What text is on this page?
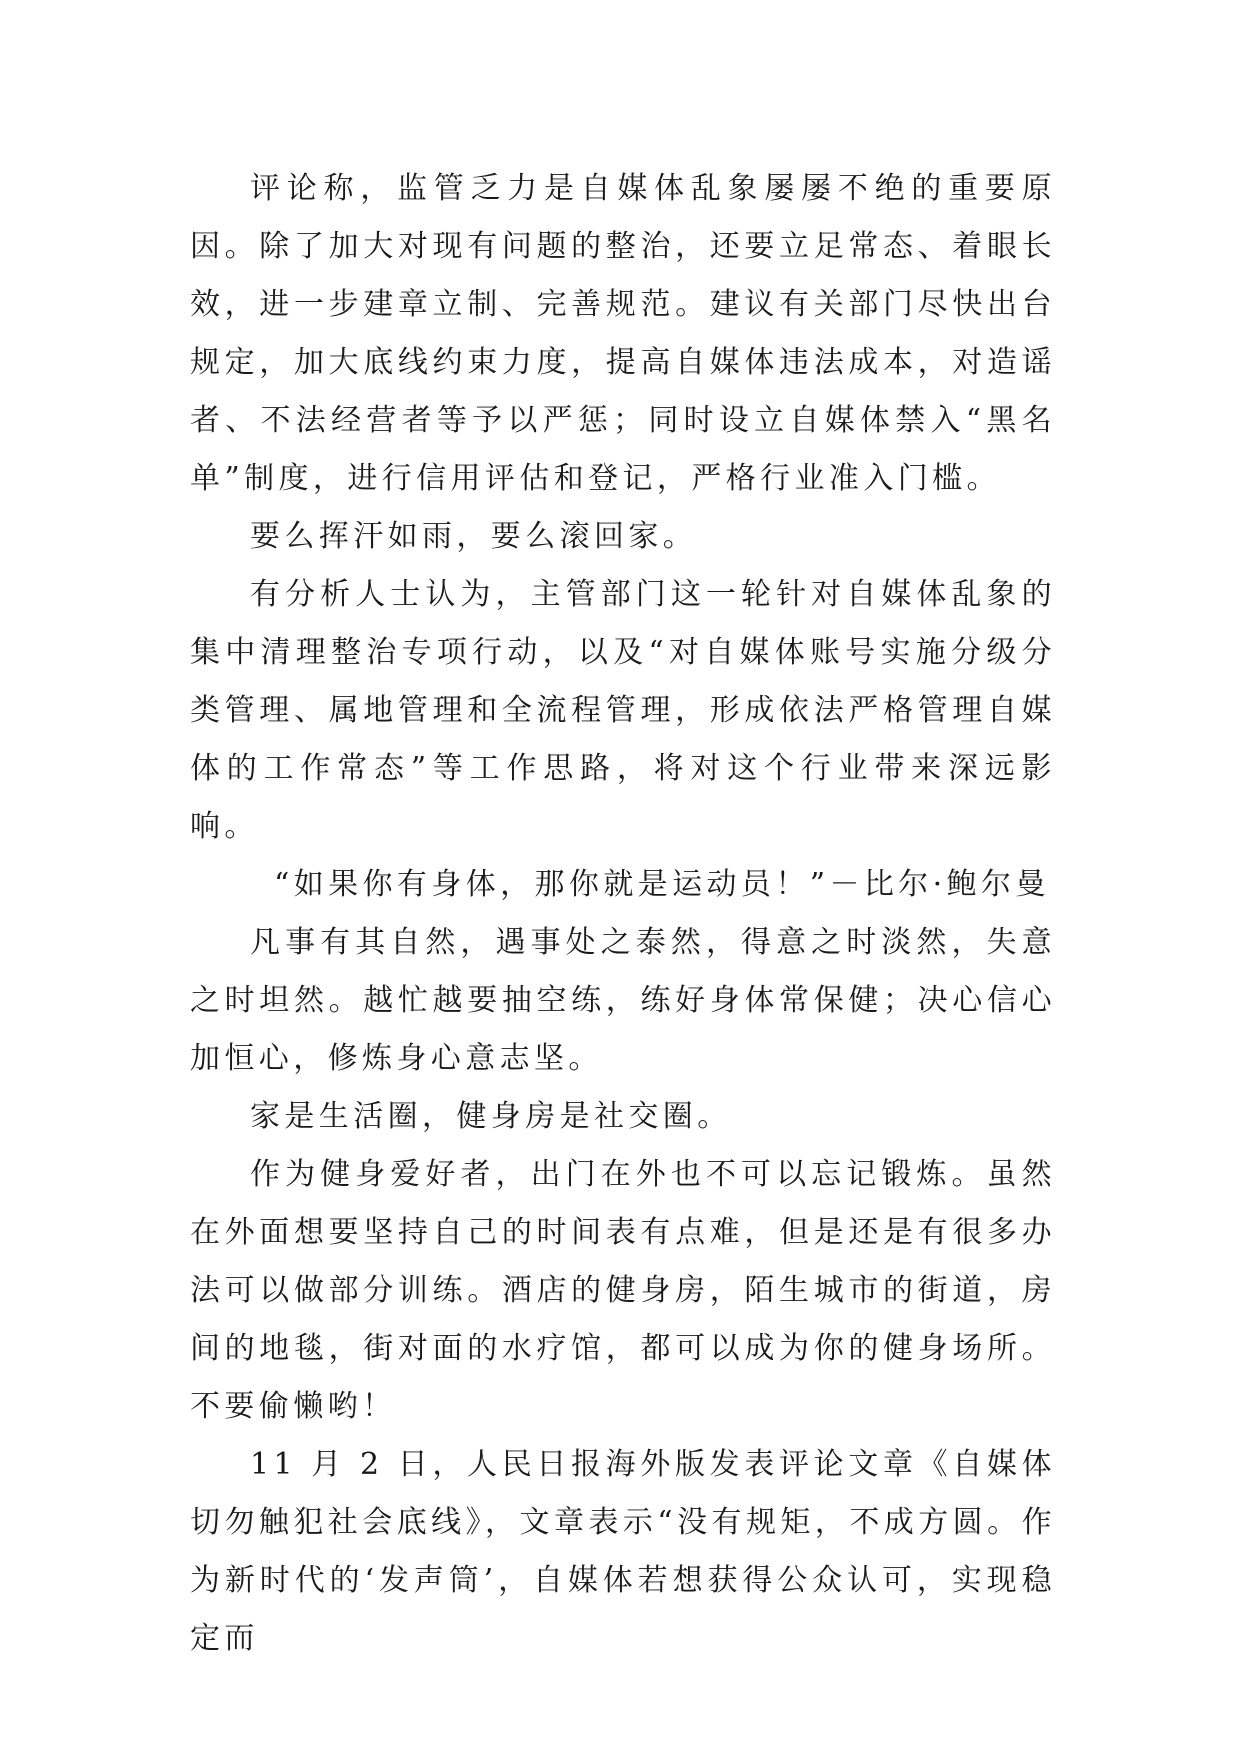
评论称，监管乏力是自媒体乱象屡屡不绝的重要原因。除了加大对现有问题的整治，还要立足常态、着眼长效，进一步建章立制、完善规范。建议有关部门尽快出台规定，加大底线约束力度，提高自媒体违法成本，对造谣者、不法经营者等予以严惩；同时设立自媒体禁入“黑名单”制度，进行信用评估和登记，严格行业准入门槛。

要么挥汗如雨，要么滚回家。

有分析人士认为，主管部门这一轮针对自媒体乱象的集中清理整治专项行动，以及“对自媒体账号实施分级分类管理、属地管理和全流程管理，形成依法严格管理自媒体的工作常态”等工作思路，将对这个行业带来深远影响。

“如果你有身体，那你就是运动员！”－比尔·鲍尔曼

凡事有其自然，遇事处之泰然，得意之时淡然，失意之时坦然。越忙越要抽空练，练好身体常保健；决心信心加恒心，修炼身心意志坚。

家是生活圈，健身房是社交圈。

作为健身爱好者，出门在外也不可以忘记锻炼。虽然在外面想要坚持自己的时间表有点难，但是还是有很多办法可以做部分训练。酒店的健身房，陌生城市的街道，房间的地毯，街对面的水疗馆，都可以成为你的健身场所。不要偷懒哟！

11 月 2 日，人民日报海外版发表评论文章《自媒体切勿触犯社会底线》，文章表示“没有规矩，不成方圆。作为新时代的‘发声筒’，自媒体若想获得公众认可，实现稳定而
